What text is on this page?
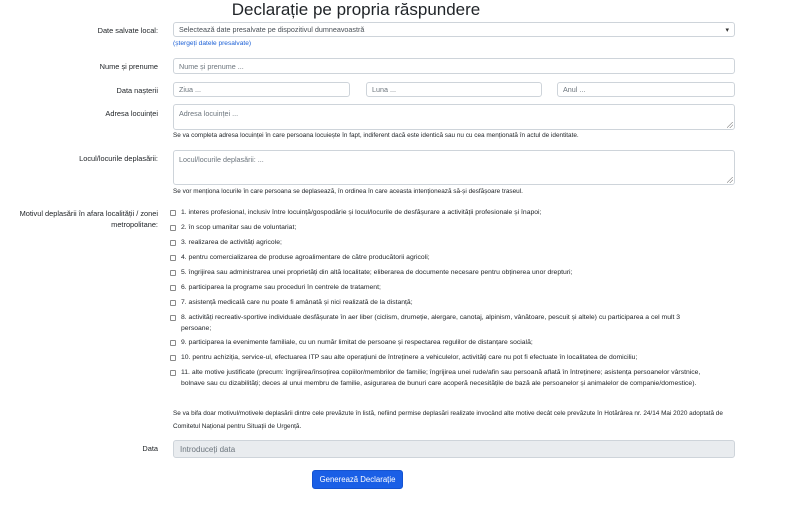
Declarație pe propria răspundere
Date salvate local:	Selectează date presalvate pe dispozitivul dumneavoastră	▾
(ștergeți datele presalvate)
Nume și prenume	Nume și prenume ...
Data nașterii	Ziua ...	Luna ...	Anul ...
Adresa locuinței	Adresa locuinței ...
Se va completa adresa locuinței în care persoana locuiește în fapt, indiferent dacă este identică sau nu cu cea menționată în actul de identitate.
Locul/locurile deplasării:	Locul/locurile deplasării: ...
Se vor menționa locurile în care persoana se deplasează, în ordinea în care aceasta intenționează să-și desfășoare traseul.
Motivul deplasării în afara localității / zonei
metropolitane:
1. interes profesional, inclusiv între locuință/gospodărie și locul/locurile de desfășurare a activității profesionale și înapoi;
2. în scop umanitar sau de voluntariat;
3. realizarea de activități agricole;
4. pentru comercializarea de produse agroalimentare de către producătorii agricoli;
5. îngrijirea sau administrarea unei proprietăți din altă localitate; eliberarea de documente necesare pentru obținerea unor drepturi;
6. participarea la programe sau proceduri în centrele de tratament;
7. asistență medicală care nu poate fi amânată și nici realizată de la distanță;
8. activități recreativ-sportive individuale desfășurate în aer liber (ciclism, drumeție, alergare, canotaj, alpinism, vânătoare, pescuit și altele) cu participarea a cel mult 3 persoane;
9. participarea la evenimente familiale, cu un număr limitat de persoane și respectarea regulilor de distanțare socială;
10. pentru achiziția, service-ul, efectuarea ITP sau alte operațiuni de întreținere a vehiculelor, activități care nu pot fi efectuate în localitatea de domiciliu;
11. alte motive justificate (precum: îngrijirea/însoțirea copiilor/membrilor de familie; îngrijirea unei rude/afin sau persoană aflată în întreținere; asistența persoanelor vârstnice, bolnave sau cu dizabilități; deces al unui membru de familie, asigurarea de bunuri care acoperă necesitățile de bază ale persoanelor și animalelor de companie/domestice).
Se va bifa doar motivul/motivele deplasării dintre cele prevăzute în listă, nefiind permise deplasări realizate invocând alte motive decât cele prevăzute în Hotărârea nr. 24/14 Mai 2020 adoptată de Comitetul Național pentru Situații de Urgență.
Data	Introduceți data
Generează Declarație
